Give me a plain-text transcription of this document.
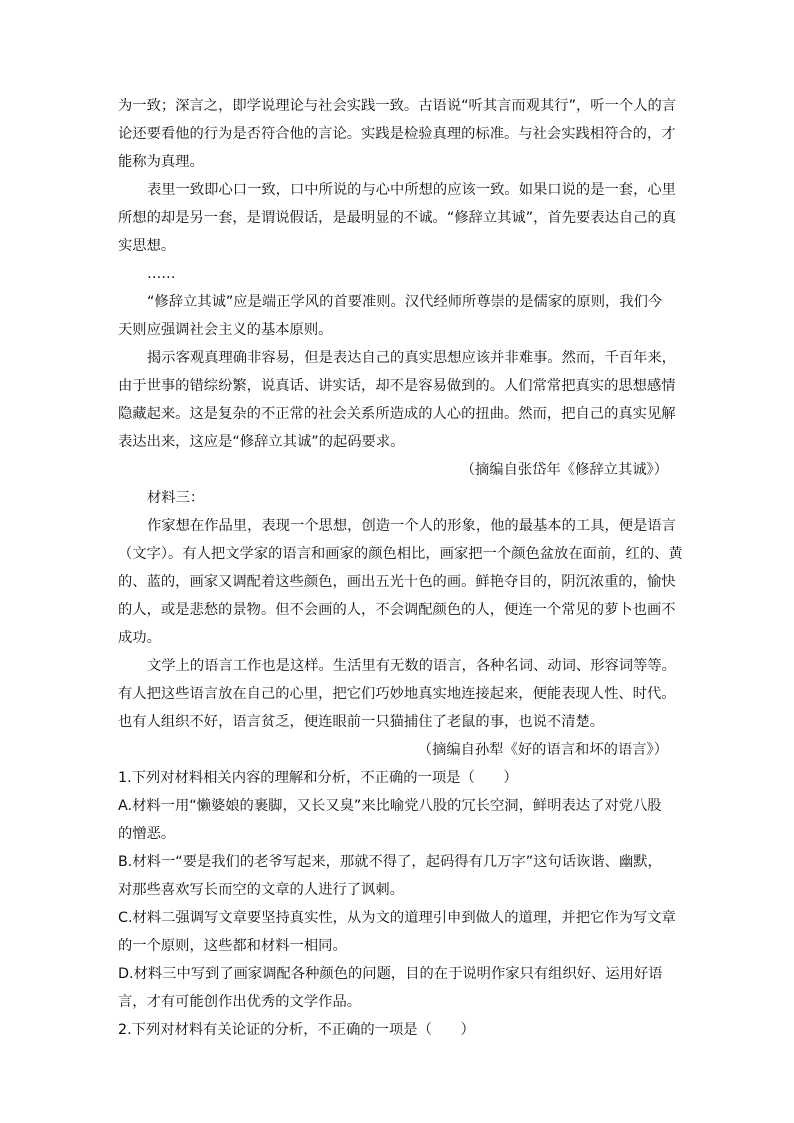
为一致；深言之，即学说理论与社会实践一致。古语说“听其言而观其行”，听一个人的言
论还要看他的行为是否符合他的言论。实践是检验真理的标准。与社会实践相符合的，才
能称为真理。
表里一致即心口一致，口中所说的与心中所想的应该一致。如果口说的是一套，心里
所想的却是另一套，是谓说假话，是最明显的不诚。“修辞立其诚”，首先要表达自己的真
实思想。
……
“修辞立其诚”应是端正学风的首要准则。汉代经师所尊崇的是儒家的原则，我们今
天则应强调社会主义的基本原则。
揭示客观真理确非容易，但是表达自己的真实思想应该并非难事。然而，千百年来，
由于世事的错综纷繁，说真话、讲实话，却不是容易做到的。人们常常把真实的思想感情
隐藏起来。这是复杂的不正常的社会关系所造成的人心的扭曲。然而，把自己的真实见解
表达出来，这应是“修辞立其诚”的起码要求。
（摘编自张岱年《修辞立其诚》）
材料三：
作家想在作品里，表现一个思想，创造一个人的形象，他的最基本的工具，便是语言
（文字）。有人把文学家的语言和画家的颜色相比，画家把一个颜色盆放在面前，红的、黄
的、蓝的，画家又调配着这些颜色，画出五光十色的画。鲜艳夺目的，阴沉浓重的，愉快
的人，或是悲愁的景物。但不会画的人，不会调配颜色的人，便连一个常见的萝卜也画不
成功。
文学上的语言工作也是这样。生活里有无数的语言，各种名词、动词、形容词等等。
有人把这些语言放在自己的心里，把它们巧妙地真实地连接起来，便能表现人性、时代。
也有人组织不好，语言贫乏，便连眼前一只猫捕住了老鼠的事，也说不清楚。
（摘编自孙犁《好的语言和坏的语言》）
1.下列对材料相关内容的理解和分析，不正确的一项是（　　）
A.材料一用“懒婆娘的裹脚，又长又臭”来比喻党八股的冗长空洞，鲜明表达了对党八股
的憎恶。
B.材料一“要是我们的老爷写起来，那就不得了，起码得有几万字”这句话诙谐、幽默，
对那些喜欢写长而空的文章的人进行了讽刺。
C.材料二强调写文章要坚持真实性，从为文的道理引申到做人的道理，并把它作为写文章
的一个原则，这些都和材料一相同。
D.材料三中写到了画家调配各种颜色的问题，目的在于说明作家只有组织好、运用好语
言，才有可能创作出优秀的文学作品。
2.下列对材料有关论证的分析，不正确的一项是（　　）
